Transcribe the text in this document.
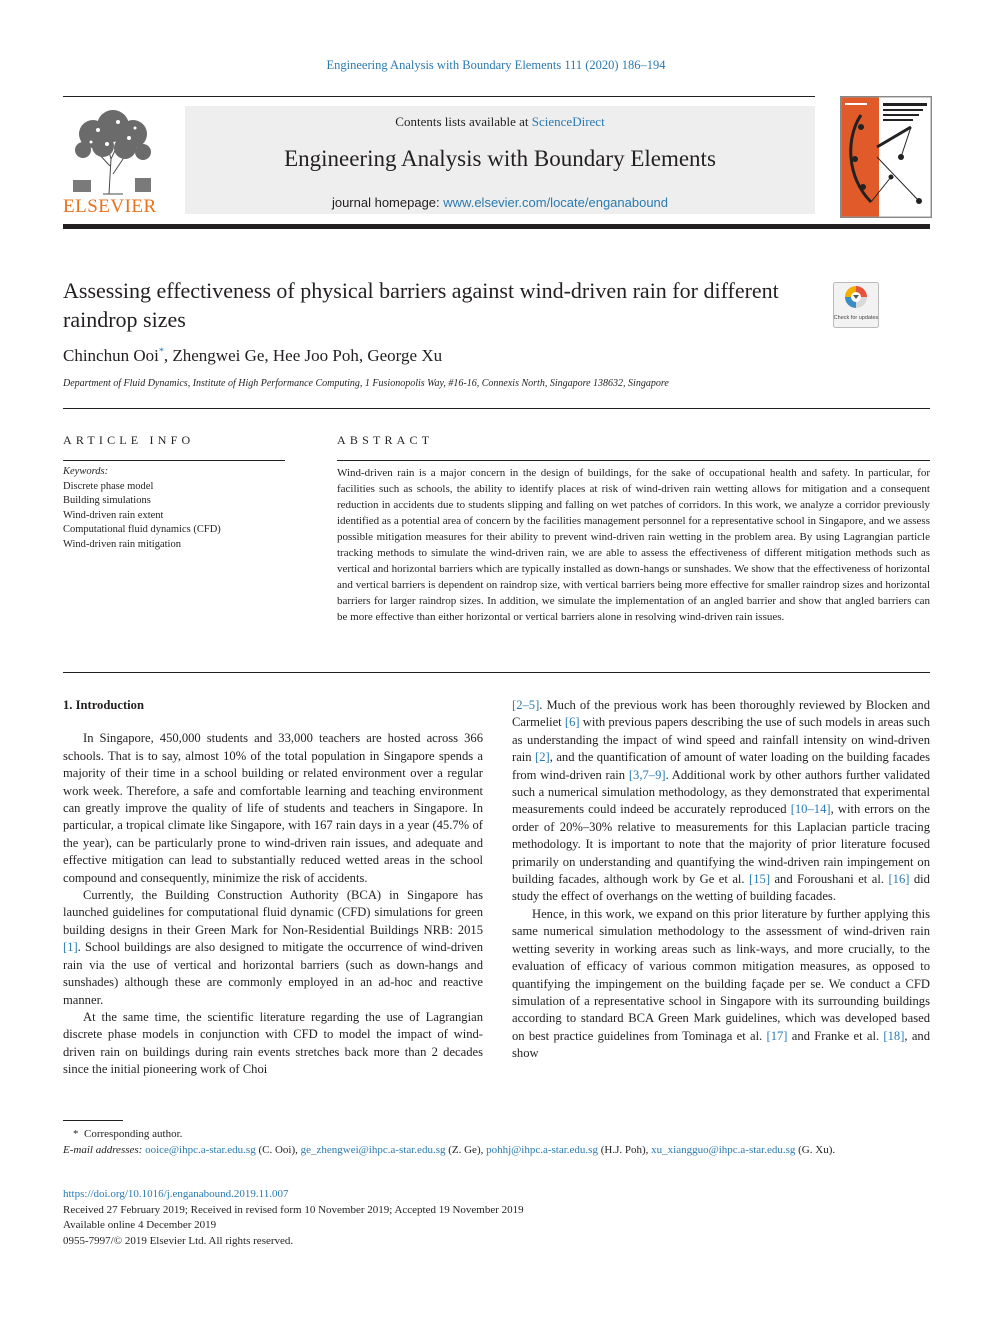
Engineering Analysis with Boundary Elements 111 (2020) 186–194
ELSEVIER
Contents lists available at ScienceDirect
Engineering Analysis with Boundary Elements
journal homepage: www.elsevier.com/locate/enganabound
Assessing effectiveness of physical barriers against wind-driven rain for different raindrop sizes	Check for updates
Chinchun Ooi*, Zhengwei Ge, Hee Joo Poh, George Xu
Department of Fluid Dynamics, Institute of High Performance Computing, 1 Fusionopolis Way, #16-16, Connexis North, Singapore 138632, Singapore
ARTICLE INFO	ABSTRACT
Keywords:
Discrete phase model
Building simulations
Wind-driven rain extent
Computational fluid dynamics (CFD)
Wind-driven rain mitigation
Wind-driven rain is a major concern in the design of buildings, for the sake of occupational health and safety. In particular, for facilities such as schools, the ability to identify places at risk of wind-driven rain wetting allows for mitigation and a consequent reduction in accidents due to students slipping and falling on wet patches of corridors. In this work, we analyze a corridor previously identified as a potential area of concern by the facilities management personnel for a representative school in Singapore, and we assess possible mitigation measures for their ability to prevent wind-driven rain wetting in the problem area. By using Lagrangian particle tracking methods to simulate the wind-driven rain, we are able to assess the effectiveness of different mitigation methods such as vertical and horizontal barriers which are typically installed as down-hangs or sunshades. We show that the effectiveness of horizontal and vertical barriers is dependent on raindrop size, with vertical barriers being more effective for smaller raindrop sizes and horizontal barriers for larger raindrop sizes. In addition, we simulate the implementation of an angled barrier and show that angled barriers can be more effective than either horizontal or vertical barriers alone in resolving wind-driven rain issues.
1. Introduction

In Singapore, 450,000 students and 33,000 teachers are hosted across 366 schools. That is to say, almost 10% of the total population in Singapore spends a majority of their time in a school building or related environment over a regular work week. Therefore, a safe and comfortable learning and teaching environment can greatly improve the quality of life of students and teachers in Singapore. In particular, a tropical climate like Singapore, with 167 rain days in a year (45.7% of the year), can be particularly prone to wind-driven rain issues, and adequate and effective mitigation can lead to substantially reduced wetted areas in the school compound and consequently, minimize the risk of accidents.

Currently, the Building Construction Authority (BCA) in Singapore has launched guidelines for computational fluid dynamic (CFD) simulations for green building designs in their Green Mark for Non-Residential Buildings NRB: 2015 [1]. School buildings are also designed to mitigate the occurrence of wind-driven rain via the use of vertical and horizontal barriers (such as down-hangs and sunshades) although these are commonly employed in an ad-hoc and reactive manner.

At the same time, the scientific literature regarding the use of Lagrangian discrete phase models in conjunction with CFD to model the impact of wind-driven rain on buildings during rain events stretches back more than 2 decades since the initial pioneering work of Choi

[2–5]. Much of the previous work has been thoroughly reviewed by Blocken and Carmeliet [6] with previous papers describing the use of such models in areas such as understanding the impact of wind speed and rainfall intensity on wind-driven rain [2], and the quantification of amount of water loading on the building facades from wind-driven rain [3,7–9]. Additional work by other authors further validated such a numerical simulation methodology, as they demonstrated that experimental measurements could indeed be accurately reproduced [10–14], with errors on the order of 20%–30% relative to measurements for this Laplacian particle tracing methodology. It is important to note that the majority of prior literature focused primarily on understanding and quantifying the wind-driven rain impingement on building facades, although work by Ge et al. [15] and Foroushani et al. [16] did study the effect of overhangs on the wetting of building facades.

Hence, in this work, we expand on this prior literature by further applying this same numerical simulation methodology to the assessment of wind-driven rain wetting severity in working areas such as link-ways, and more crucially, to the evaluation of efficacy of various common mitigation measures, as opposed to quantifying the impingement on the building façade per se. We conduct a CFD simulation of a representative school in Singapore with its surrounding buildings according to standard BCA Green Mark guidelines, which was developed based on best practice guidelines from Tominaga et al. [17] and Franke et al. [18], and show

* Corresponding author.
E-mail addresses: ooice@ihpc.a-star.edu.sg (C. Ooi), ge_zhengwei@ihpc.a-star.edu.sg (Z. Ge), pohhj@ihpc.a-star.edu.sg (H.J. Poh), xu_xiangguo@ihpc.a-star.edu.sg (G. Xu).
https://doi.org/10.1016/j.enganabound.2019.11.007
Received 27 February 2019; Received in revised form 10 November 2019; Accepted 19 November 2019
Available online 4 December 2019
0955-7997/© 2019 Elsevier Ltd. All rights reserved.
